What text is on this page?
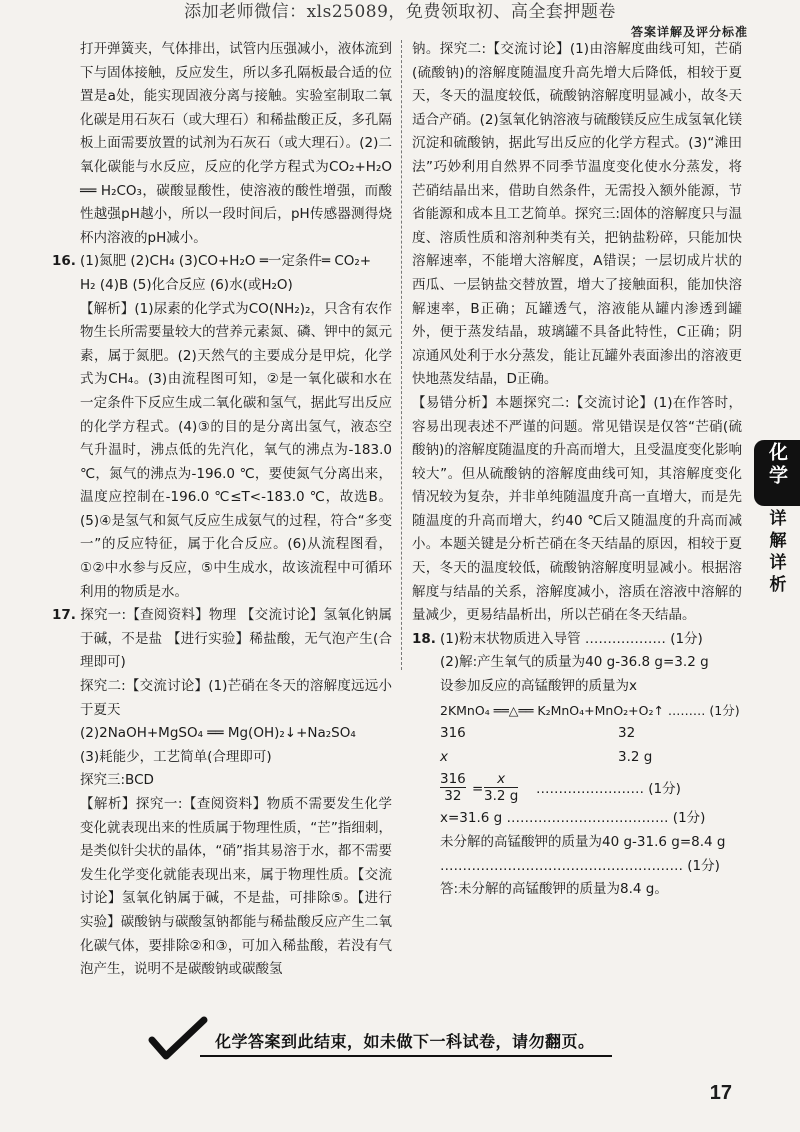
添加老师微信：xls25089，免费领取初、高全套押题卷
答案详解及评分标准

打开弹簧夹，气体排出，试管内压强减小，液体流到下与固体接触，反应发生，所以多孔隔板最合适的位置是a处，能实现固液分离与接触。实验室制取二氧化碳是用石灰石（或大理石）和稀盐酸正反，多孔隔板上面需要放置的试剂为石灰石（或大理石）。(2)二氧化碳能与水反应，反应的化学方程式为CO₂+H₂O ══ H₂CO₃，碳酸显酸性，使溶液的酸性增强，而酸性越强pH越小，所以一段时间后，pH传感器测得烧杯内溶液的pH减小。

16. (1)氮肥 (2)CH₄ (3)CO+H₂O ═一定条件═ CO₂+

H₂ (4)B (5)化合反应 (6)水(或H₂O)

【解析】(1)尿素的化学式为CO(NH₂)₂，只含有农作物生长所需要量较大的营养元素氮、磷、钾中的氮元素，属于氮肥。(2)天然气的主要成分是甲烷，化学式为CH₄。(3)由流程图可知，②是一氧化碳和水在一定条件下反应生成二氧化碳和氢气，据此写出反应的化学方程式。(4)③的目的是分离出氢气，液态空气升温时，沸点低的先汽化，氧气的沸点为-183.0 ℃，氮气的沸点为-196.0 ℃，要使氮气分离出来，温度应控制在-196.0 ℃≤T<-183.0 ℃，故选B。(5)④是氢气和氮气反应生成氨气的过程，符合“多变一”的反应特征，属于化合反应。(6)从流程图看，①②中水参与反应，⑤中生成水，故该流程中可循环利用的物质是水。

17. 探究一:【查阅资料】物理 【交流讨论】氢氧化钠属于碱，不是盐 【进行实验】稀盐酸，无气泡产生(合理即可)

探究二:【交流讨论】(1)芒硝在冬天的溶解度远远小于夏天

(2)2NaOH+MgSO₄ ══ Mg(OH)₂↓+Na₂SO₄

(3)耗能少，工艺简单(合理即可)

探究三:BCD

【解析】探究一:【查阅资料】物质不需要发生化学变化就表现出来的性质属于物理性质，“芒”指细刺，是类似针尖状的晶体，“硝”指其易溶于水，都不需要发生化学变化就能表现出来，属于物理性质。【交流讨论】氢氧化钠属于碱，不是盐，可排除⑤。【进行实验】碳酸钠与碳酸氢钠都能与稀盐酸反应产生二氧化碳气体，要排除②和③，可加入稀盐酸，若没有气泡产生，说明不是碳酸钠或碳酸氢

钠。探究二:【交流讨论】(1)由溶解度曲线可知，芒硝(硫酸钠)的溶解度随温度升高先增大后降低，相较于夏天，冬天的温度较低，硫酸钠溶解度明显减小，故冬天适合产硝。(2)氢氧化钠溶液与硫酸镁反应生成氢氧化镁沉淀和硫酸钠，据此写出反应的化学方程式。(3)“滩田法”巧妙利用自然界不同季节温度变化使水分蒸发，将芒硝结晶出来，借助自然条件，无需投入额外能源，节省能源和成本且工艺简单。探究三:固体的溶解度只与温度、溶质性质和溶剂种类有关，把钠盐粉碎，只能加快溶解速率，不能增大溶解度，A错误；一层切成片状的西瓜、一层钠盐交替放置，增大了接触面积，能加快溶解速率，B正确；瓦罐透气，溶液能从罐内渗透到罐外，便于蒸发结晶，玻璃罐不具备此特性，C正确；阴凉通风处利于水分蒸发，能让瓦罐外表面渗出的溶液更快地蒸发结晶，D正确。

【易错分析】本题探究二:【交流讨论】(1)在作答时，容易出现表述不严谨的问题。常见错误是仅答“芒硝(硫酸钠)的溶解度随温度的升高而增大，且受温度变化影响较大”。但从硫酸钠的溶解度曲线可知，其溶解度变化情况较为复杂，并非单纯随温度升高一直增大，而是先随温度的升高而增大，约40 ℃后又随温度的升高而减小。本题关键是分析芒硝在冬天结晶的原因，相较于夏天，冬天的温度较低，硫酸钠溶解度明显减小。根据溶解度与结晶的关系，溶解度减小，溶质在溶液中溶解的量减少，更易结晶析出，所以芒硝在冬天结晶。

18. (1)粉末状物质进入导管 ……………… (1分)

(2)解:产生氧气的质量为40 g-36.8 g=3.2 g

设参加反应的高锰酸钾的质量为x

2KMnO₄ ══△══ K₂MnO₄+MnO₂+O₂↑ ……… (1分)

316	32
x	3.2 g
316
32 =
x
3.2 g …………………… (1分)

x=31.6 g ……………………………… (1分)

未分解的高锰酸钾的质量为40 g-31.6 g=8.4 g

……………………………………………… (1分)

答:未分解的高锰酸钾的质量为8.4 g。

化学
详
解
详
析
化学答案到此结束，如未做下一科试卷，请勿翻页。
17
